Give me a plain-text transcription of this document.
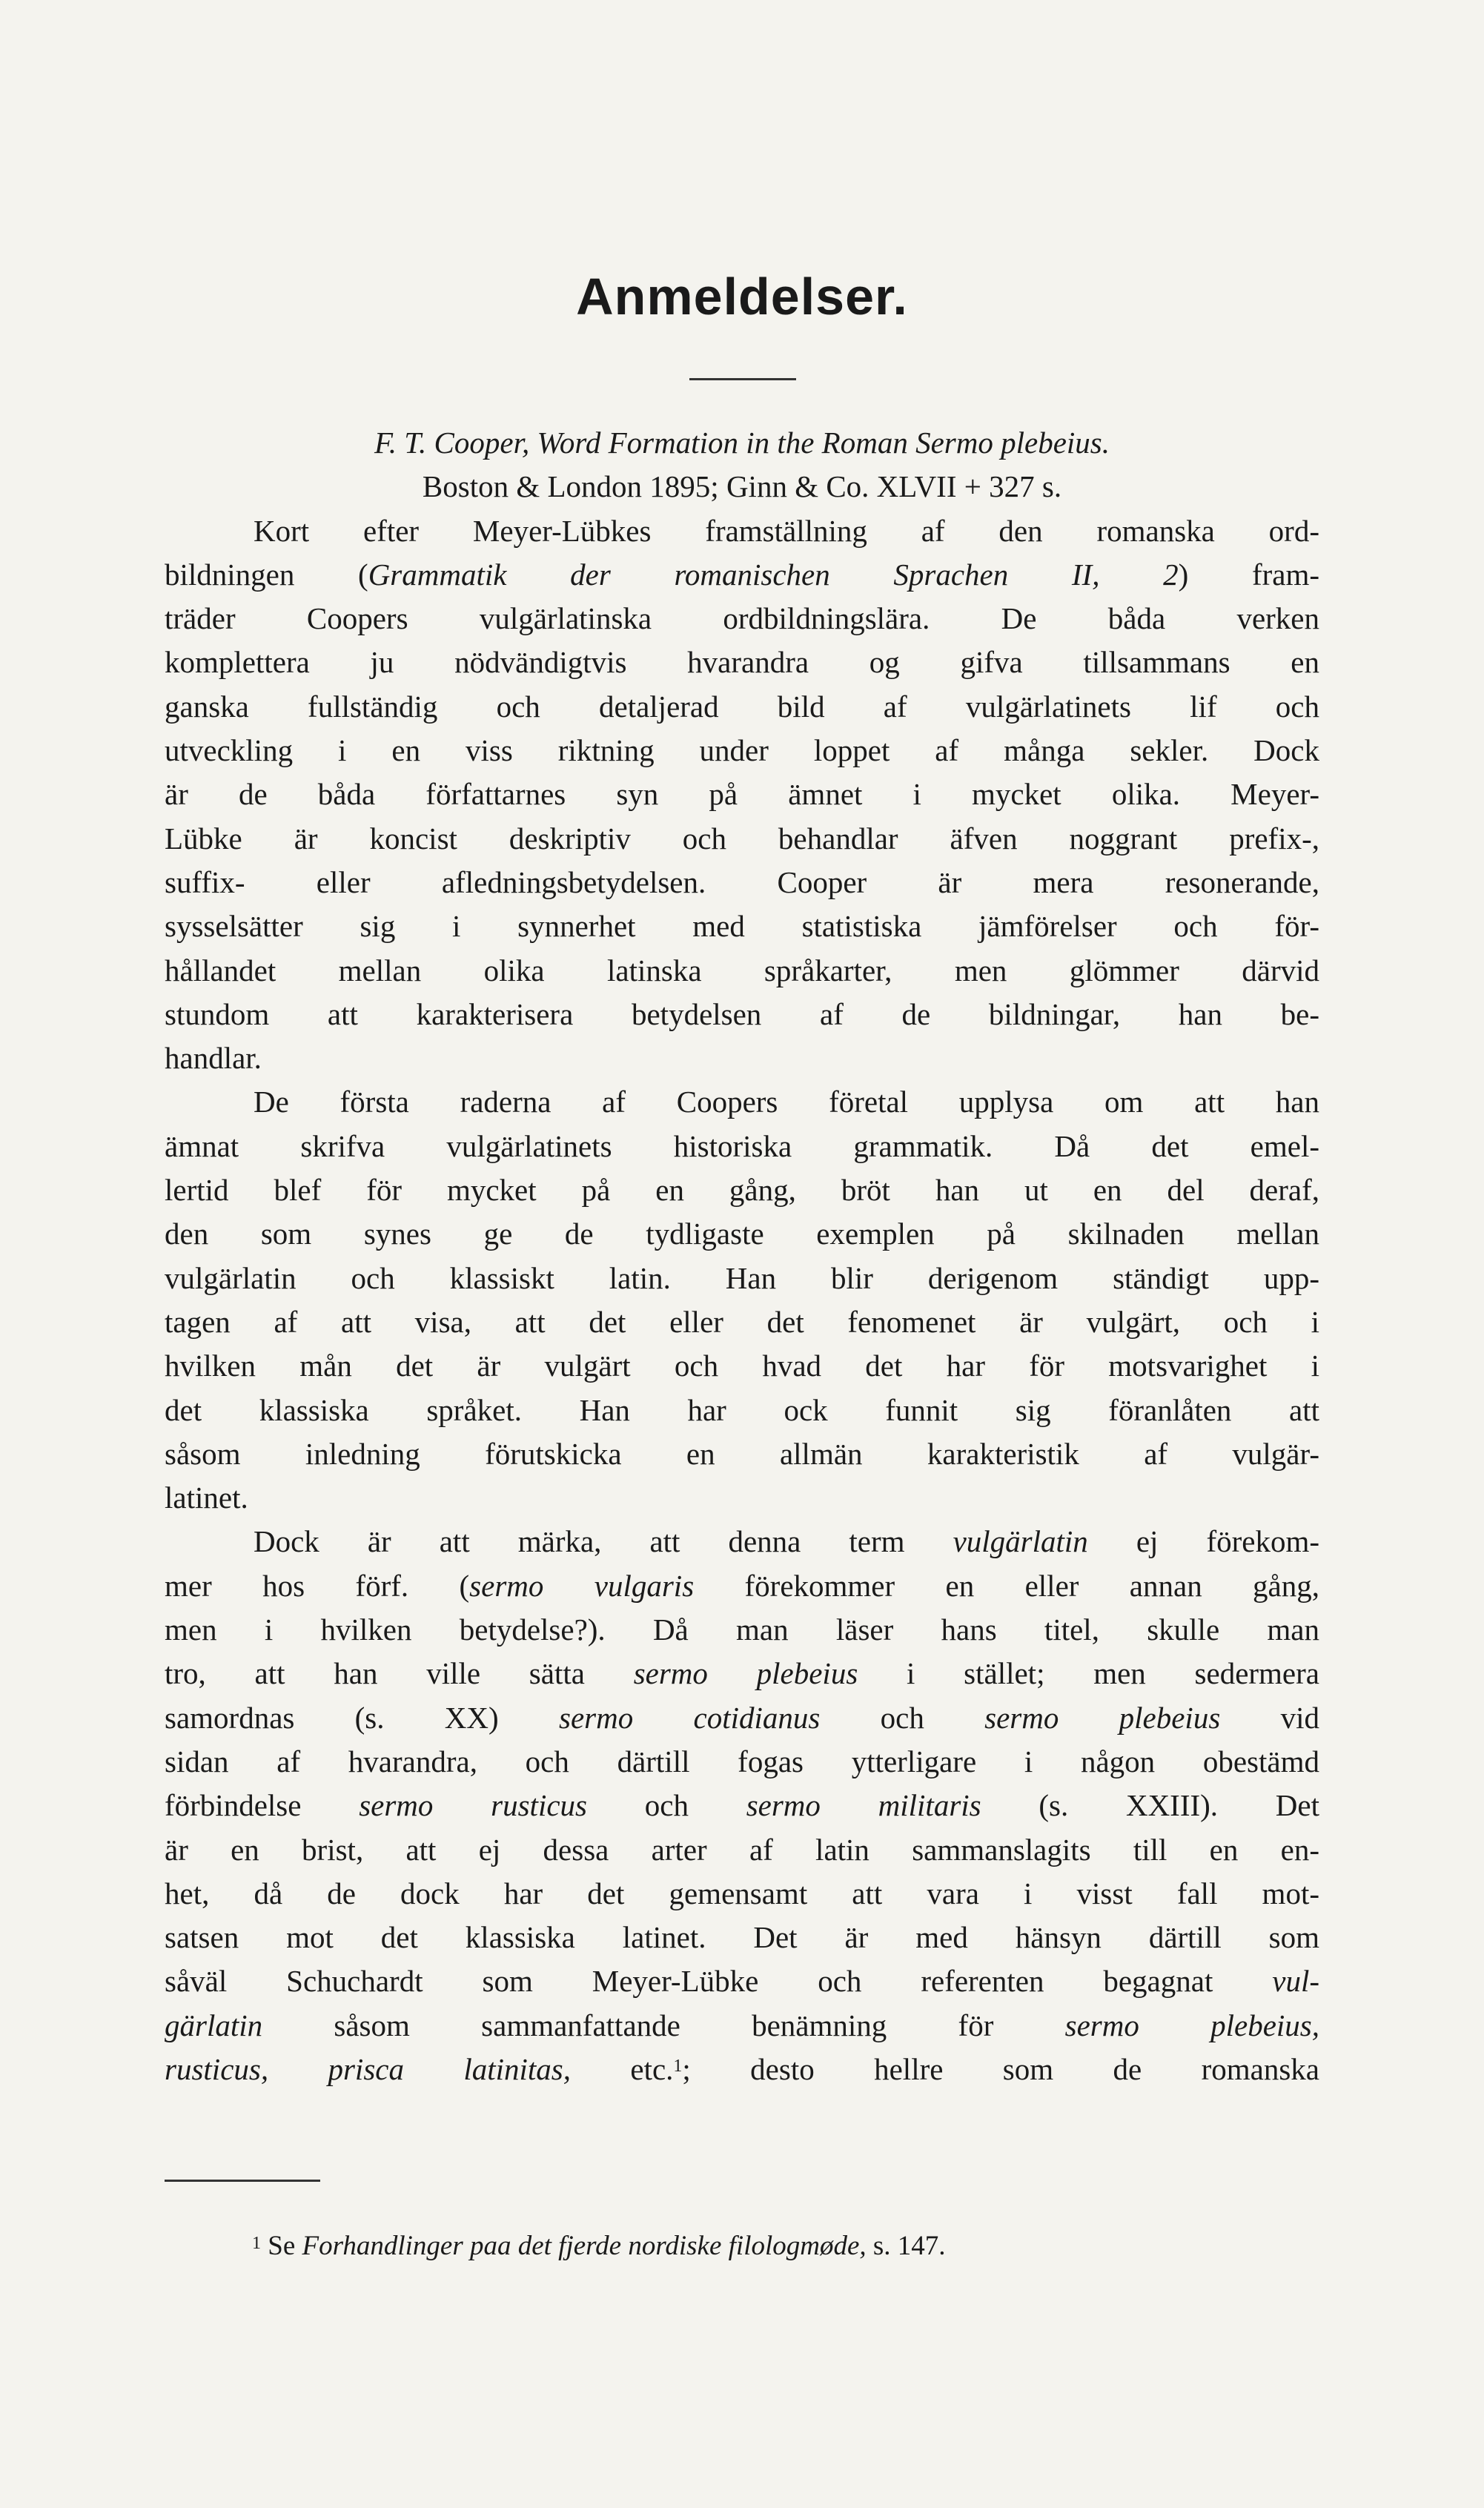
Anmeldelser.
F. T. Cooper, Word Formation in the Roman Sermo plebeius.
Boston & London 1895; Ginn & Co. XLVII + 327 s.
Kort efter Meyer-Lübkes framställning af den romanska ord-
bildningen (Grammatik der romanischen Sprachen II, 2) fram-
träder Coopers vulgärlatinska ordbildningslära. De båda verken
komplettera ju nödvändigtvis hvarandra og gifva tillsammans en
ganska fullständig och detaljerad bild af vulgärlatinets lif och
utveckling i en viss riktning under loppet af många sekler. Dock
är de båda författarnes syn på ämnet i mycket olika. Meyer-
Lübke är koncist deskriptiv och behandlar äfven noggrant prefix-,
suffix- eller afledningsbetydelsen. Cooper är mera resonerande,
sysselsätter sig i synnerhet med statistiska jämförelser och för-
hållandet mellan olika latinska språkarter, men glömmer därvid
stundom att karakterisera betydelsen af de bildningar, han be-
handlar.
De första raderna af Coopers företal upplysa om att han
ämnat skrifva vulgärlatinets historiska grammatik. Då det emel-
lertid blef för mycket på en gång, bröt han ut en del deraf,
den som synes ge de tydligaste exemplen på skilnaden mellan
vulgärlatin och klassiskt latin. Han blir derigenom ständigt upp-
tagen af att visa, att det eller det fenomenet är vulgärt, och i
hvilken mån det är vulgärt och hvad det har för motsvarighet i
det klassiska språket. Han har ock funnit sig föranlåten att
såsom inledning förutskicka en allmän karakteristik af vulgär-
latinet.
Dock är att märka, att denna term vulgärlatin ej förekom-
mer hos förf. (sermo vulgaris förekommer en eller annan gång,
men i hvilken betydelse?). Då man läser hans titel, skulle man
tro, att han ville sätta sermo plebeius i stället; men sedermera
samordnas (s. XX) sermo cotidianus och sermo plebeius vid
sidan af hvarandra, och därtill fogas ytterligare i någon obestämd
förbindelse sermo rusticus och sermo militaris (s. XXIII). Det
är en brist, att ej dessa arter af latin sammanslagits till en en-
het, då de dock har det gemensamt att vara i visst fall mot-
satsen mot det klassiska latinet. Det är med hänsyn därtill som
såväl Schuchardt som Meyer-Lübke och referenten begagnat vul-
gärlatin såsom sammanfattande benämning för sermo plebeius,
rusticus, prisca latinitas, etc.$^1$; desto hellre som de romanska
$^1$ Se Forhandlinger paa det fjerde nordiske filologmøde, s. 147.
